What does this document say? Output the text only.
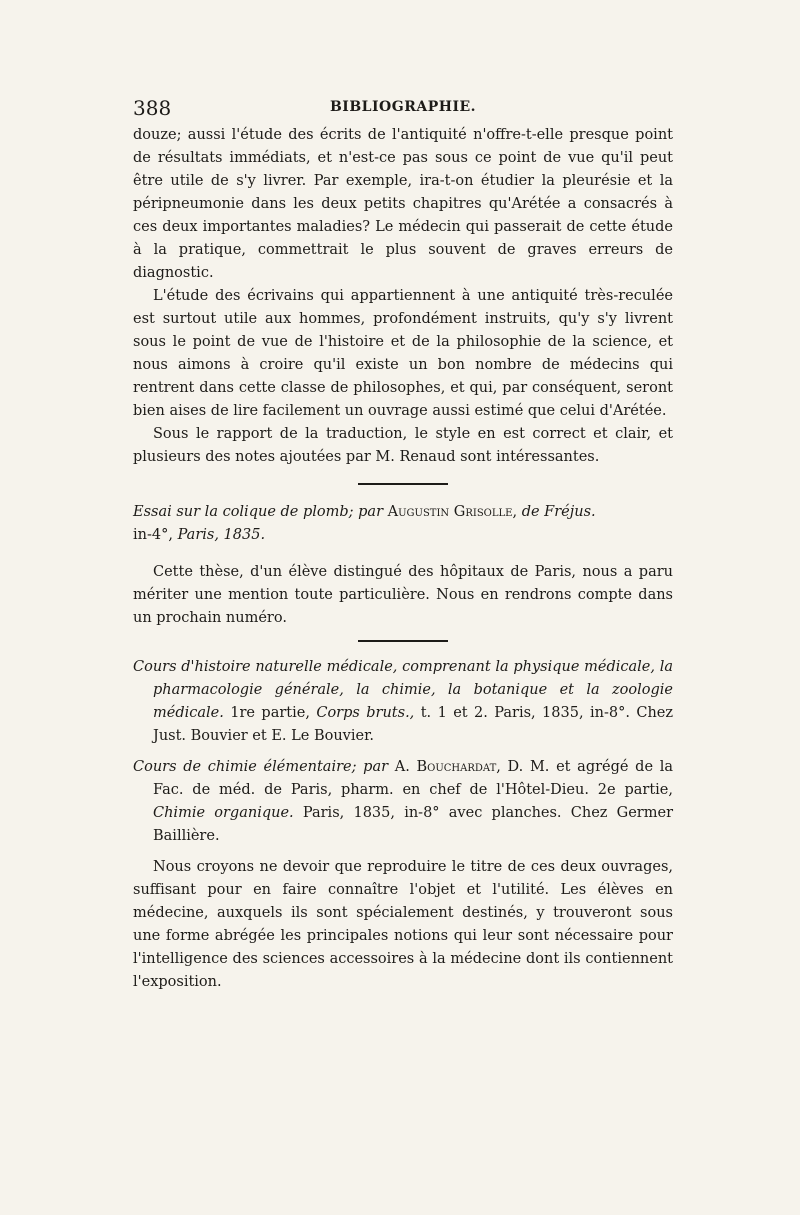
388	BIBLIOGRAPHIE.

douze; aussi l'étude des écrits de l'antiquité n'offre-t-elle presque point de résultats immédiats, et n'est-ce pas sous ce point de vue qu'il peut être utile de s'y livrer. Par exemple, ira-t-on étudier la pleurésie et la péripneumonie dans les deux petits chapitres qu'Arétée a consacrés à ces deux importantes maladies? Le médecin qui passerait de cette étude à la pratique, commettrait le plus souvent de graves erreurs de diagnostic.

L'étude des écrivains qui appartiennent à une antiquité très-reculée est surtout utile aux hommes, profondément instruits, qu'y s'y livrent sous le point de vue de l'histoire et de la philosophie de la science, et nous aimons à croire qu'il existe un bon nombre de médecins qui rentrent dans cette classe de philosophes, et qui, par conséquent, seront bien aises de lire facilement un ouvrage aussi estimé que celui d'Arétée.

Sous le rapport de la traduction, le style en est correct et clair, et plusieurs des notes ajoutées par M. Renaud sont intéressantes.

Essai sur la colique de plomb; par Augustin Grisolle, de Fréjus.

in-4°, Paris, 1835.

Cette thèse, d'un élève distingué des hôpitaux de Paris, nous a paru mériter une mention toute particulière. Nous en rendrons compte dans un prochain numéro.

Cours d'histoire naturelle médicale, comprenant la physique médicale, la pharmacologie générale, la chimie, la botanique et la zoologie médicale. 1re partie, Corps bruts., t. 1 et 2. Paris, 1835, in-8°. Chez Just. Bouvier et E. Le Bouvier.

Cours de chimie élémentaire; par A. Bouchardat, D. M. et agrégé de la Fac. de méd. de Paris, pharm. en chef de l'Hôtel-Dieu. 2e partie, Chimie organique. Paris, 1835, in-8° avec planches. Chez Germer Baillière.

Nous croyons ne devoir que reproduire le titre de ces deux ouvrages, suffisant pour en faire connaître l'objet et l'utilité. Les élèves en médecine, auxquels ils sont spécialement destinés, y trouveront sous une forme abrégée les principales notions qui leur sont nécessaire pour l'intelligence des sciences accessoires à la médecine dont ils contiennent l'exposition.
